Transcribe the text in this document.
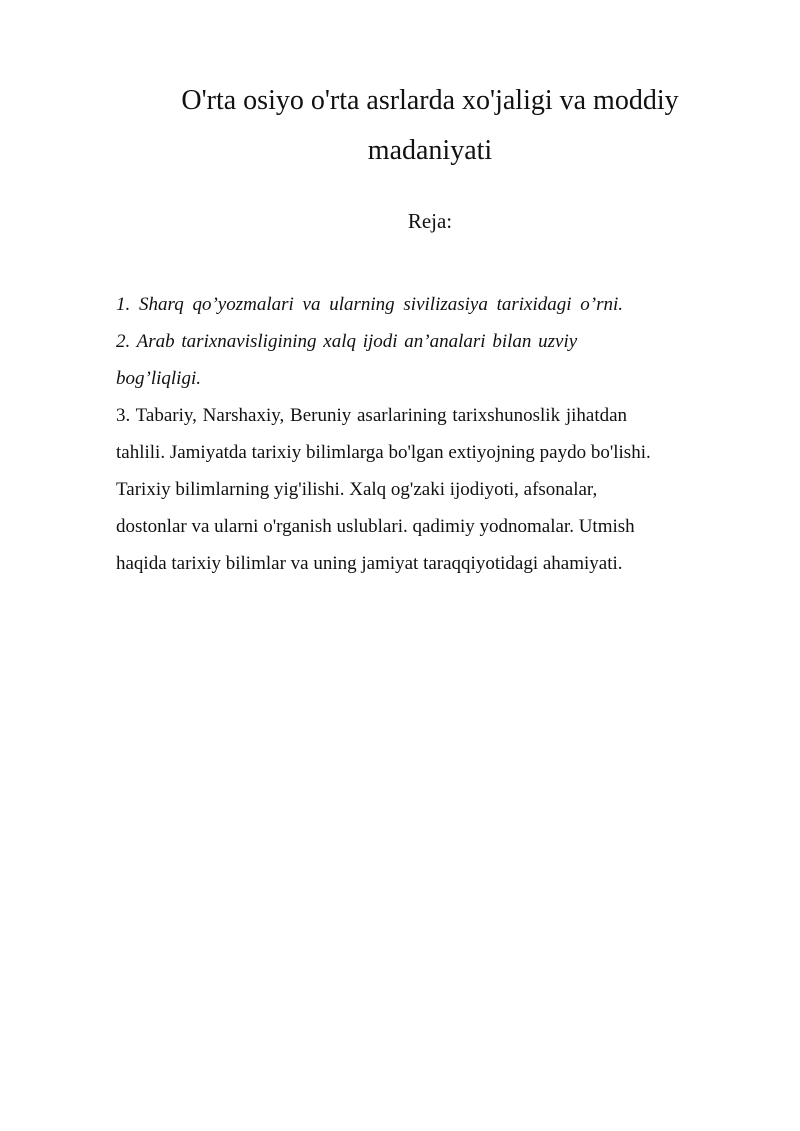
O'rta osiyo o'rta asrlarda xo'jaligi va moddiy madaniyati
Reja:

1. Sharq qo’yozmalari va ularning sivilizasiya tarixidagi o’rni.

2. Arab tarixnavisligining xalq ijodi an’analari bilan uzviy

bog’liqligi.

3. Tabariy, Narshaxiy, Beruniy asarlarining tarixshunoslik jihatdan

tahlili. Jamiyatda tarixiy bilimlarga bo'lgan extiyojning paydo bo'lishi.

Tarixiy bilimlarning yig'ilishi. Xalq og'zaki ijodiyoti, afsonalar,

dostonlar va ularni o'rganish uslublari. qadimiy yodnomalar. Utmish

haqida tarixiy bilimlar va uning jamiyat taraqqiyotidagi ahamiyati.
